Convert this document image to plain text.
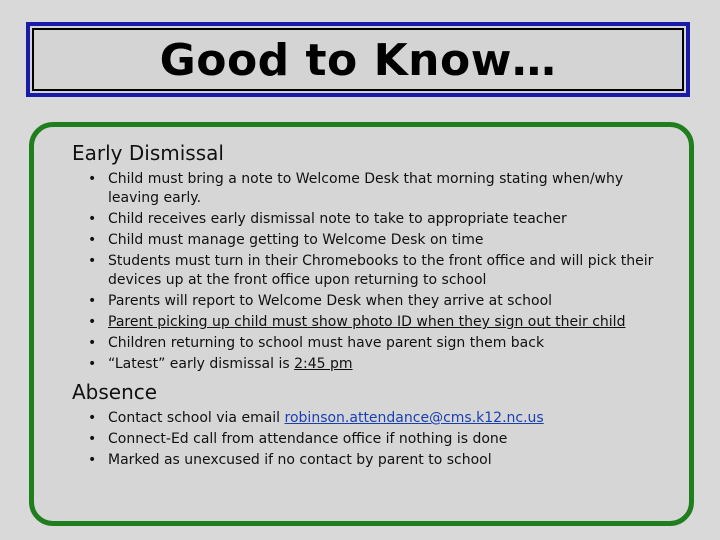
Good to Know…
Early Dismissal
• Child must bring a note to Welcome Desk that morning stating when/why leaving early.
• Child receives early dismissal note to take to appropriate teacher
• Child must manage getting to Welcome Desk on time
• Students must turn in their Chromebooks to the front office and will pick their devices up at the front office upon returning to school
• Parents will report to Welcome Desk when they arrive at school
• Parent picking up child must show photo ID when they sign out their child
• Children returning to school must have parent sign them back
• “Latest” early dismissal is 2:45 pm
Absence
• Contact school via email robinson.attendance@cms.k12.nc.us
• Connect-Ed call from attendance office if nothing is done
• Marked as unexcused if no contact by parent to school
